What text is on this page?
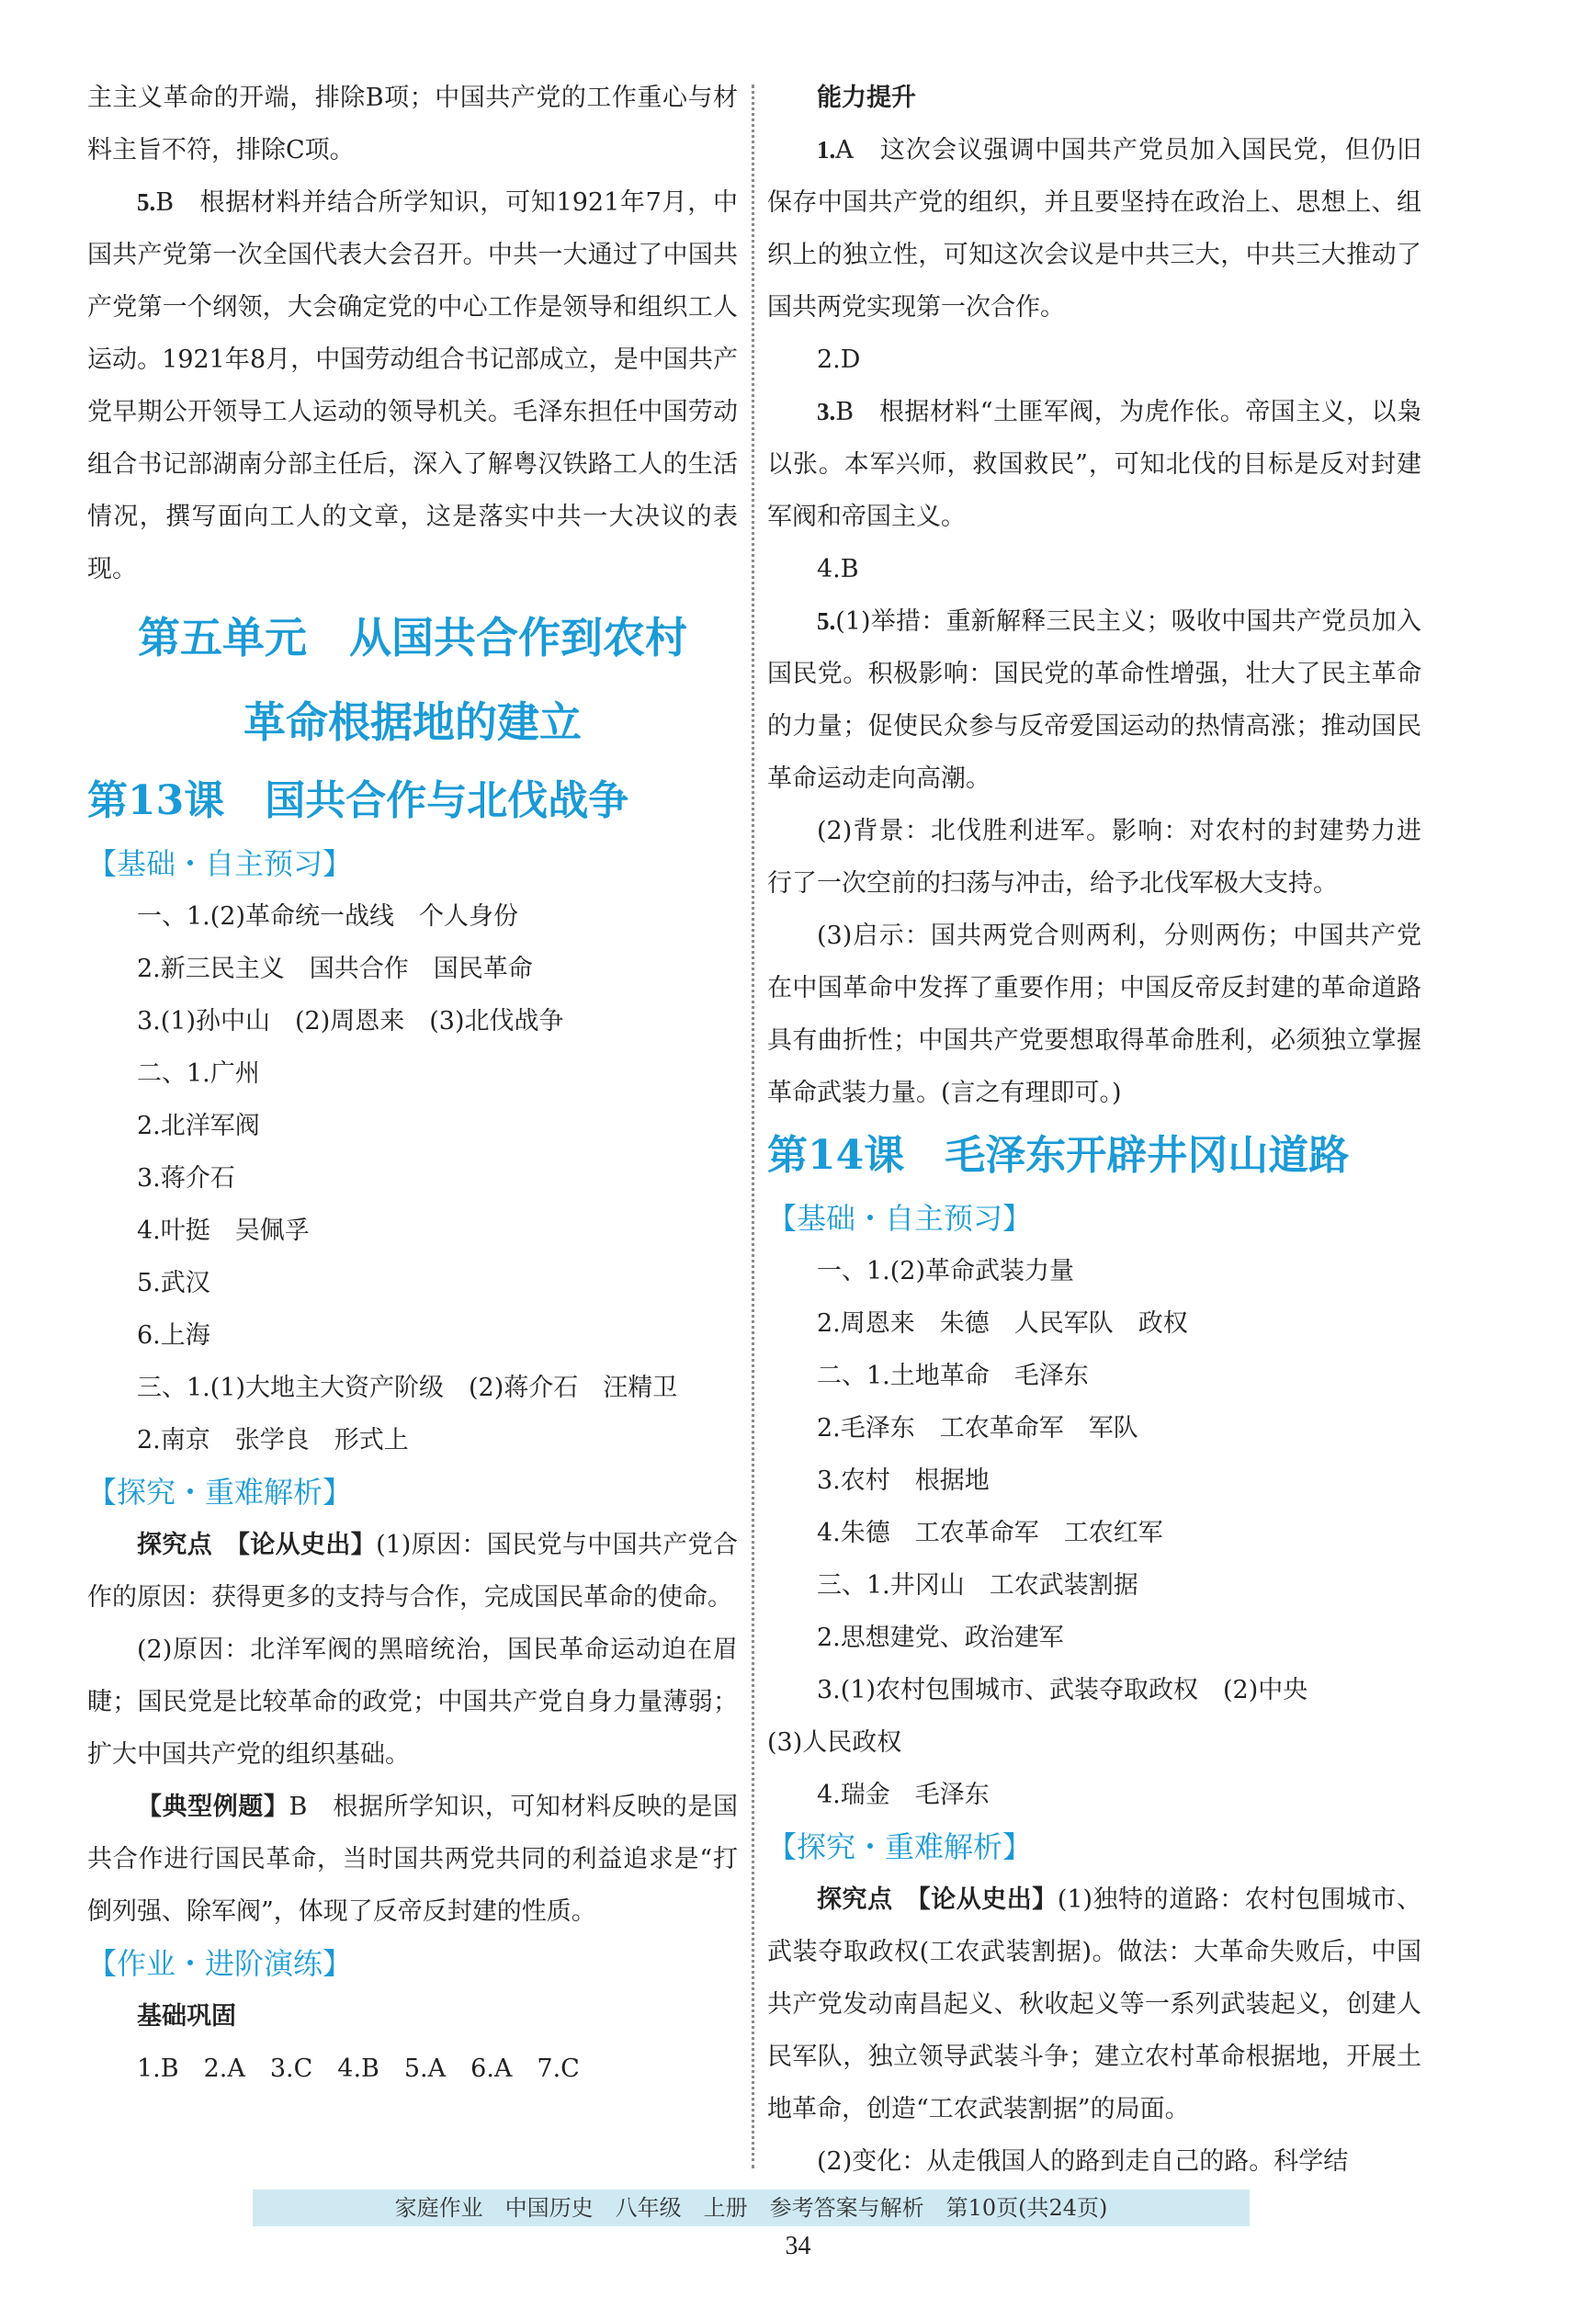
主主义革命的开端，排除B项；中国共产党的工作重心与材料主旨不符，排除C项。

5.B　根据材料并结合所学知识，可知1921年7月，中国共产党第一次全国代表大会召开。中共一大通过了中国共产党第一个纲领，大会确定党的中心工作是领导和组织工人运动。1921年8月，中国劳动组合书记部成立，是中国共产党早期公开领导工人运动的领导机关。毛泽东担任中国劳动组合书记部湖南分部主任后，深入了解粤汉铁路工人的生活情况，撰写面向工人的文章，这是落实中共一大决议的表现。

第五单元　从国共合作到农村
革命根据地的建立
第13课　国共合作与北伐战争
【基础・自主预习】

一、1.(2)革命统一战线　个人身份

2.新三民主义　国共合作　国民革命

3.(1)孙中山　(2)周恩来　(3)北伐战争

二、1.广州

2.北洋军阀

3.蒋介石

4.叶挺　吴佩孚

5.武汉

6.上海

三、1.(1)大地主大资产阶级　(2)蒋介石　汪精卫

2.南京　张学良　形式上

【探究・重难解析】

探究点　【论从史出】(1)原因：国民党与中国共产党合作的原因：获得更多的支持与合作，完成国民革命的使命。

(2)原因：北洋军阀的黑暗统治，国民革命运动迫在眉睫；国民党是比较革命的政党；中国共产党自身力量薄弱；扩大中国共产党的组织基础。

【典型例题】B　根据所学知识，可知材料反映的是国共合作进行国民革命，当时国共两党共同的利益追求是“打倒列强、除军阀”，体现了反帝反封建的性质。

【作业・进阶演练】
基础巩固

1.B　2.A　3.C　4.B　5.A　6.A　7.C

能力提升

1.A　这次会议强调中国共产党员加入国民党，但仍旧保存中国共产党的组织，并且要坚持在政治上、思想上、组织上的独立性，可知这次会议是中共三大，中共三大推动了国共两党实现第一次合作。

2.D

3.B　根据材料“土匪军阀，为虎作伥。帝国主义，以枭以张。本军兴师，救国救民”，可知北伐的目标是反对封建军阀和帝国主义。

4.B

5.(1)举措：重新解释三民主义；吸收中国共产党员加入国民党。积极影响：国民党的革命性增强，壮大了民主革命的力量；促使民众参与反帝爱国运动的热情高涨；推动国民革命运动走向高潮。

(2)背景：北伐胜利进军。影响：对农村的封建势力进行了一次空前的扫荡与冲击，给予北伐军极大支持。

(3)启示：国共两党合则两利，分则两伤；中国共产党在中国革命中发挥了重要作用；中国反帝反封建的革命道路具有曲折性；中国共产党要想取得革命胜利，必须独立掌握革命武装力量。(言之有理即可。)

第14课　毛泽东开辟井冈山道路
【基础・自主预习】

一、1.(2)革命武装力量

2.周恩来　朱德　人民军队　政权

二、1.土地革命　毛泽东

2.毛泽东　工农革命军　军队

3.农村　根据地

4.朱德　工农革命军　工农红军

三、1.井冈山　工农武装割据

2.思想建党、政治建军

3.(1)农村包围城市、武装夺取政权　(2)中央

(3)人民政权

4.瑞金　毛泽东

【探究・重难解析】

探究点　【论从史出】(1)独特的道路：农村包围城市、武装夺取政权(工农武装割据)。做法：大革命失败后，中国共产党发动南昌起义、秋收起义等一系列武装起义，创建人民军队，独立领导武装斗争；建立农村革命根据地，开展土地革命，创造“工农武装割据”的局面。

(2)变化：从走俄国人的路到走自己的路。科学结

家庭作业　中国历史　八年级　上册　参考答案与解析　第10页(共24页)
34
